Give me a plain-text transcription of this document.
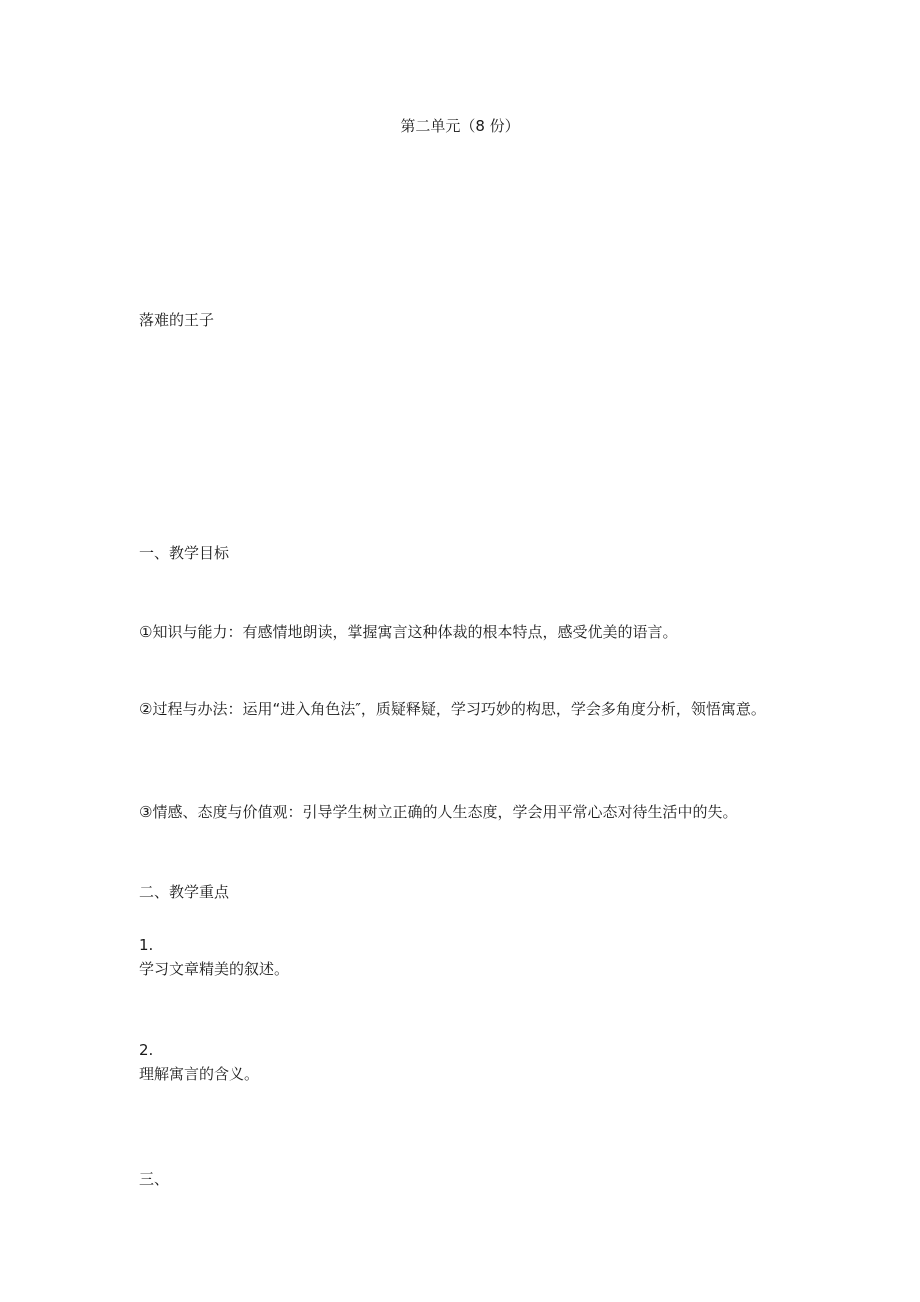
第二单元（8 份）

落难的王子

一、教学目标

①知识与能力：有感情地朗读，掌握寓言这种体裁的根本特点，感受优美的语言。

②过程与办法：运用“进入角色法″，质疑释疑，学习巧妙的构思，学会多角度分析，领悟寓意。

③情感、态度与价值观：引导学生树立正确的人生态度，学会用平常心态对待生活中的失。

二、教学重点

1.

学习文章精美的叙述。

2.

理解寓言的含义。

三、
